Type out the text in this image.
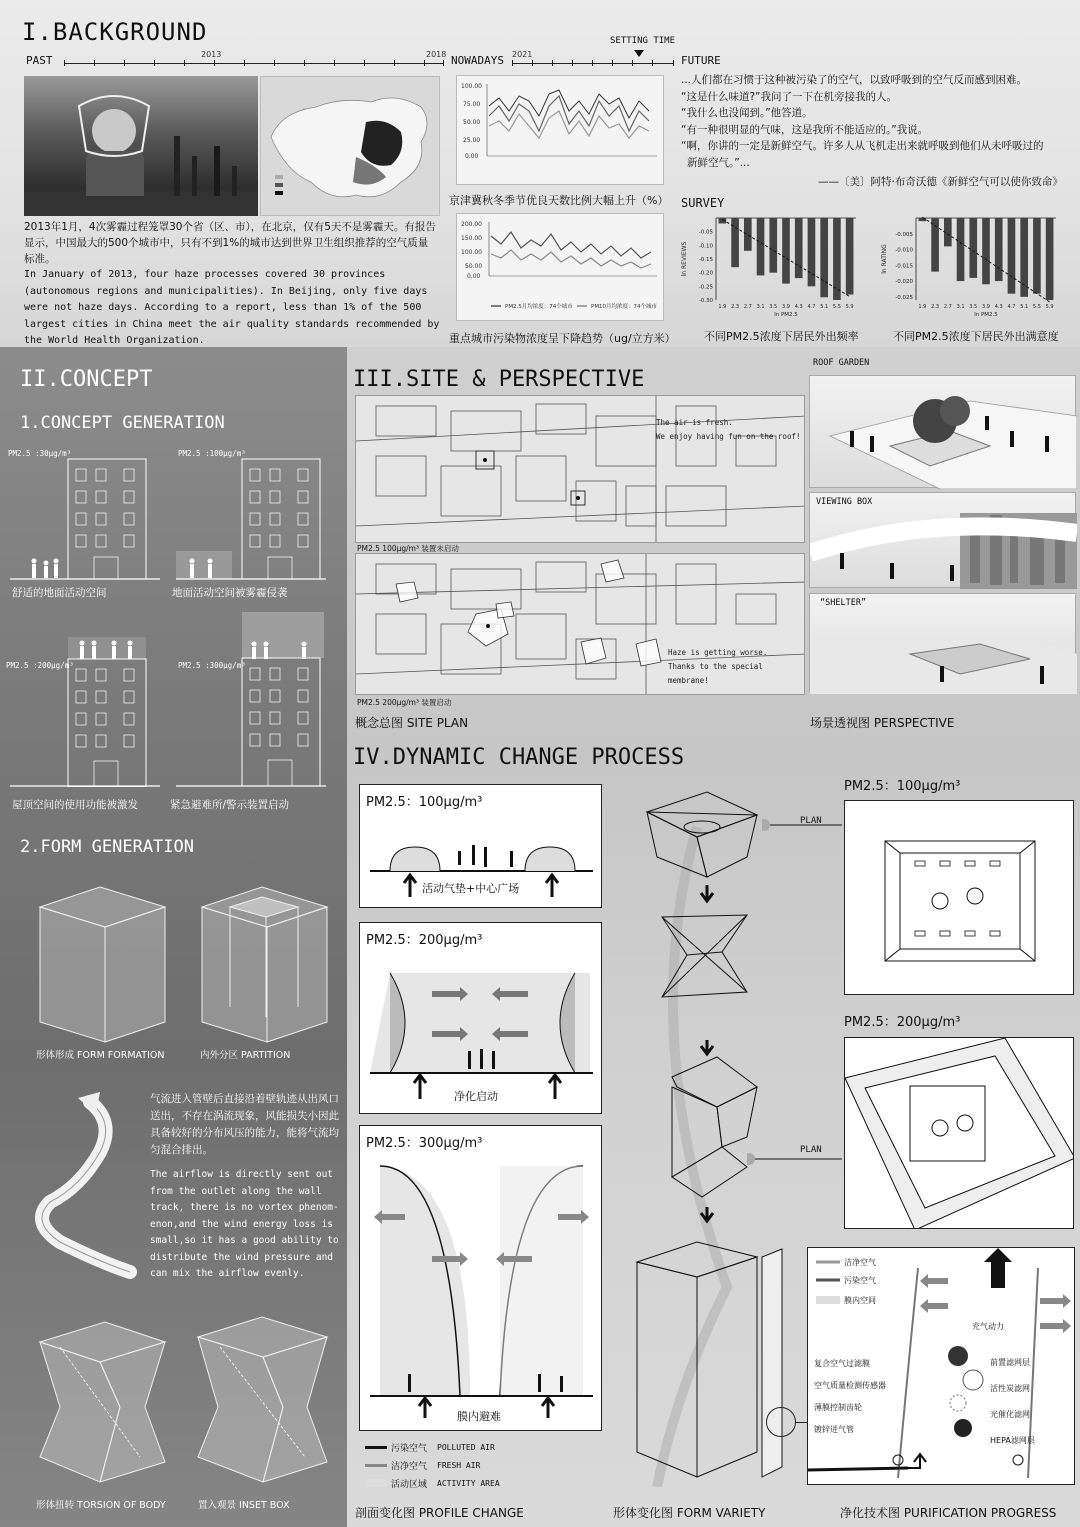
I.BACKGROUND
PAST	2013	2018 NOWADAYS 2021
SETTING TIME
FUTURE
2013年1月，4次雾霾过程笼罩30个省（区、市），在北京，仅有5天不是雾霾天。有报告显示，中国最大的500个城市中，只有不到1%的城市达到世界卫生组织推荐的空气质量标准。
In January of 2013, four haze processes covered 30 provinces (autonomous regions and municipalities). In Beijing, only five days were not haze days. According to a report, less than 1% of the 500 largest cities in China meet the air quality standards recommended by the World Health Organization.
100.00
75.00
50.00
25.00
0.00
京津冀秋冬季节优良天数比例大幅上升（%）
200.00
150.00
100.00
50.00
0.00
PM2.5月均浓度：74个城市	PM10月均浓度：74个城市
重点城市污染物浓度呈下降趋势（ug/立方米）
...人们都在习惯于这种被污染了的空气，以致呼吸到的空气反而感到困难。
“这是什么味道?”我问了一下在机旁接我的人。
“我什么也没闻到。”他答道。
“有一种很明显的气味，这是我所不能适应的。”我说。
“啊，你讲的一定是新鲜空气。许多人从飞机走出来就呼吸到他们从未呼吸过的
新鲜空气。”...
——〔美〕阿特·布奇沃德《新鲜空气可以使你致命》
SURVEY
-0.05
-0.10
-0.15
-0.20
-0.25
-0.30
ln REVIEWS
1.9 2.3 2.7 3.1 3.5 3.9 4.3 4.7 5.1 5.5 5.9
ln PM2.5
不同PM2.5浓度下居民外出频率
-0.005
-0.010
-0.015
-0.020
-0.025
ln RATING
1.9 2.3 2.7 3.1 3.5 3.9 4.3 4.7 5.1 5.5 5.9
ln PM2.5
不同PM2.5浓度下居民外出满意度
II.CONCEPT
1.CONCEPT GENERATION
PM2.5 :30μg/m³
舒适的地面活动空间
PM2.5 :100μg/m³
地面活动空间被雾霾侵袭
PM2.5 :200μg/m³
屋顶空间的使用功能被激发
PM2.5 :300μg/m³
紧急避难所/警示装置启动
2.FORM GENERATION
形体形成 FORM FORMATION	内外分区 PARTITION
气流进入管壁后直接沿着壁轨迹从出风口送出，不存在涡流现象，风能损失小因此具备较好的分布风压的能力，能将气流均匀混合排出。
The airflow is directly sent out from the outlet along the wall track, there is no vortex phenom-enon,and the wind energy loss is small,so it has a good ability to distribute the wind pressure and can mix the airflow evenly.
形体扭转 TORSION OF BODY	置入观景 INSET BOX
III.SITE & PERSPECTIVE
The air is fresh.
We enjoy having fun on the roof!
PM2.5 100μg/m³ 装置未启动
Haze is getting worse.
Thanks to the special membrane!
PM2.5 200μg/m³ 装置启动
概念总图 SITE PLAN
ROOF GARDEN
VIEWING BOX
“SHELTER”
场景透视图 PERSPECTIVE
IV.DYNAMIC CHANGE PROCESS
PM2.5：100μg/m³
活动气垫+中心广场
PM2.5：200μg/m³
净化启动
PM2.5：300μg/m³
膜内避难
污染空气 POLLUTED AIR
洁净空气 FRESH AIR
活动区域 ACTIVITY AREA
PLAN
PLAN
PM2.5：100μg/m³
PM2.5：200μg/m³
洁净空气
污染空气
膜内空间
充气动力
复合空气过滤膜
空气质量检测传感器
薄膜控制齿轮
镀锌进气管
前置滤网层
活性炭滤网
光催化滤网
HEPA滤网层
剖面变化图 PROFILE CHANGE	形体变化图 FORM VARIETY	净化技术图 PURIFICATION PROGRESS
